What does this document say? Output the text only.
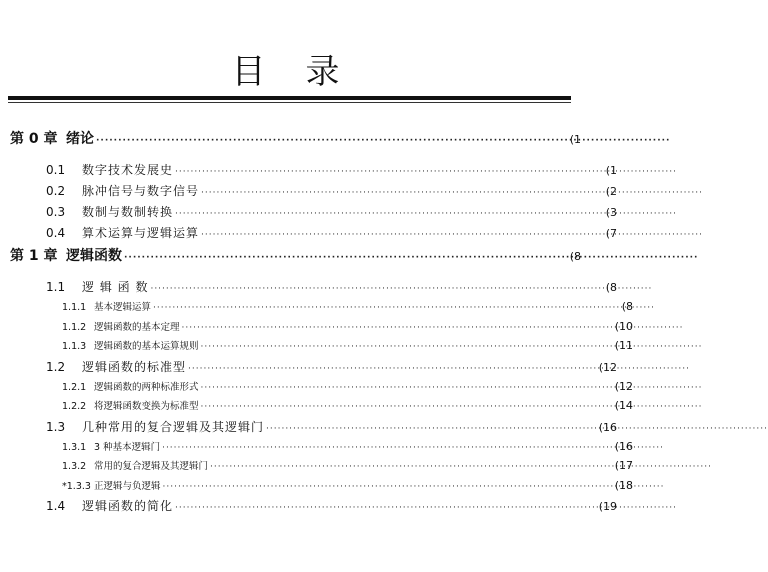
目 录
第 0 章 绪论 ·····	(1
0.1 数字技术发展史 ·····	(1
0.2 脉冲信号与数字信号 ·····	(2
0.3 数制与数制转换 ·····	(3
0.4 算术运算与逻辑运算 ·····	(7
第 1 章 逻辑函数 ·····	(8
1.1 逻 辑 函 数 ·····	(8
1.1.1 基本逻辑运算 ·····	(8
1.1.2 逻辑函数的基本定理 ·····	(10
1.1.3 逻辑函数的基本运算规则 ·····	(11
1.2 逻辑函数的标准型 ·····	(12
1.2.1 逻辑函数的两种标准形式 ·····	(12
1.2.2 将逻辑函数变换为标准型 ·····	(14
1.3 几种常用的复合逻辑及其逻辑门 ·····	(16
1.3.1 3 种基本逻辑门 ·····	(16
1.3.2 常用的复合逻辑及其逻辑门 ·····	(17
*1.3.3 正逻辑与负逻辑 ·····	(18
1.4 逻辑函数的简化 ·····	(19
